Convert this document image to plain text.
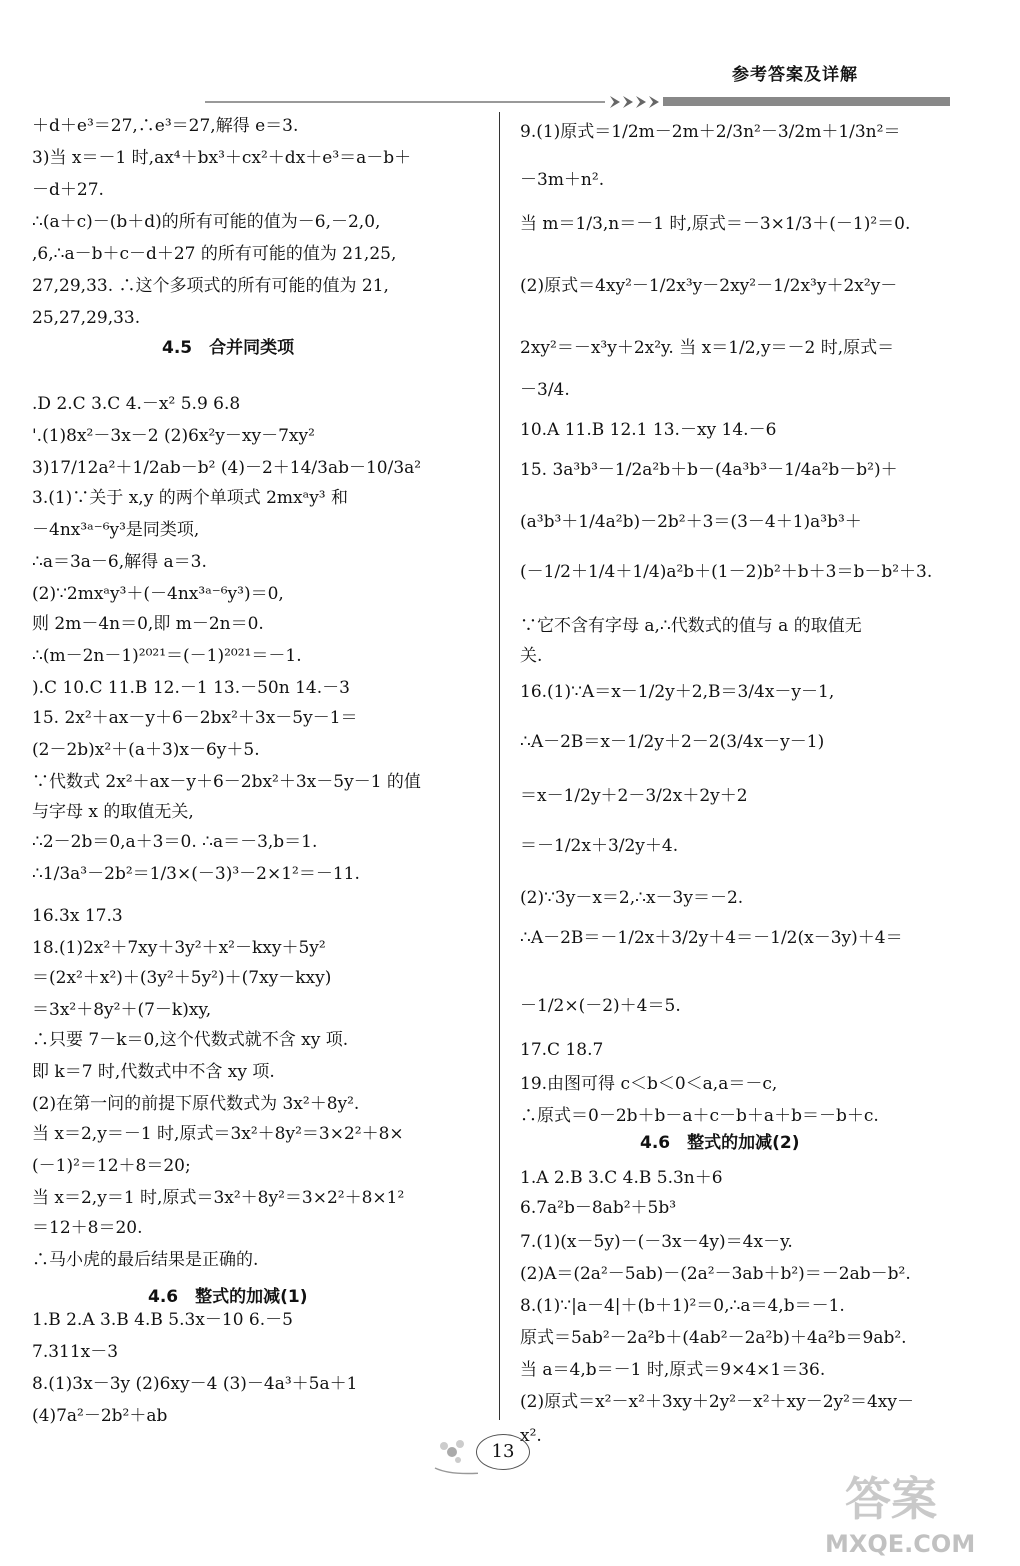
参考答案及详解
＋d＋e³＝27,∴e³＝27,解得 e＝3.
3)当 x＝－1 时,ax⁴＋bx³＋cx²＋dx＋e³＝a－b＋
－d＋27.
∴(a＋c)－(b＋d)的所有可能的值为－6,－2,0,
,6,∴a－b＋c－d＋27 的所有可能的值为 21,25,
27,29,33. ∴这个多项式的所有可能的值为 21,
25,27,29,33.
.D 2.C 3.C 4.－x² 5.9 6.8
'.(1)8x²－3x－2 (2)6x²y－xy－7xy²
3)17/12a²＋1/2ab－b² (4)－2＋14/3ab－10/3a²
3.(1)∵关于 x,y 的两个单项式 2mxᵃy³ 和
－4nx³ᵃ⁻⁶y³是同类项,
∴a＝3a－6,解得 a＝3.
(2)∵2mxᵃy³＋(－4nx³ᵃ⁻⁶y³)＝0,
则 2m－4n＝0,即 m－2n＝0.
∴(m－2n－1)²⁰²¹＝(－1)²⁰²¹＝－1.
).C 10.C 11.B 12.－1 13.－50n 14.－3
15. 2x²＋ax－y＋6－2bx²＋3x－5y－1＝
(2－2b)x²＋(a＋3)x－6y＋5.
∵代数式 2x²＋ax－y＋6－2bx²＋3x－5y－1 的值
与字母 x 的取值无关,
∴2－2b＝0,a＋3＝0. ∴a＝－3,b＝1.
∴1/3a³－2b²＝1/3×(－3)³－2×1²＝－11.
16.3x 17.3
18.(1)2x²＋7xy＋3y²＋x²－kxy＋5y²
＝(2x²＋x²)＋(3y²＋5y²)＋(7xy－kxy)
＝3x²＋8y²＋(7－k)xy,
∴只要 7－k＝0,这个代数式就不含 xy 项.
即 k＝7 时,代数式中不含 xy 项.
(2)在第一问的前提下原代数式为 3x²＋8y².
当 x＝2,y＝－1 时,原式＝3x²＋8y²＝3×2²＋8×
(－1)²＝12＋8＝20;
当 x＝2,y＝1 时,原式＝3x²＋8y²＝3×2²＋8×1²
＝12＋8＝20.
∴马小虎的最后结果是正确的.
1.B 2.A 3.B 4.B 5.3x－10 6.－5
7.311x－3
8.(1)3x－3y (2)6xy－4 (3)－4a³＋5a＋1
(4)7a²－2b²＋ab
9.(1)原式＝1/2m－2m＋2/3n²－3/2m＋1/3n²＝
－3m＋n².
当 m＝1/3,n＝－1 时,原式＝－3×1/3＋(－1)²＝0.
(2)原式＝4xy²－1/2x³y－2xy²－1/2x³y＋2x²y－
2xy²＝－x³y＋2x²y. 当 x＝1/2,y＝－2 时,原式＝
－3/4.
10.A 11.B 12.1 13.－xy 14.－6
15. 3a³b³－1/2a²b＋b－(4a³b³－1/4a²b－b²)＋
(a³b³＋1/4a²b)－2b²＋3＝(3－4＋1)a³b³＋
(－1/2＋1/4＋1/4)a²b＋(1－2)b²＋b＋3＝b－b²＋3.
∵它不含有字母 a,∴代数式的值与 a 的取值无
关.
16.(1)∵A＝x－1/2y＋2,B＝3/4x－y－1,
∴A－2B＝x－1/2y＋2－2(3/4x－y－1)
＝x－1/2y＋2－3/2x＋2y＋2
＝－1/2x＋3/2y＋4.
(2)∵3y－x＝2,∴x－3y＝－2.
∴A－2B＝－1/2x＋3/2y＋4＝－1/2(x－3y)＋4＝
－1/2×(－2)＋4＝5.
17.C 18.7
19.由图可得 c＜b＜0＜a,a＝－c,
∴原式＝0－2b＋b－a＋c－b＋a＋b＝－b＋c.
1.A 2.B 3.C 4.B 5.3n＋6
6.7a²b－8ab²＋5b³
7.(1)(x－5y)－(－3x－4y)＝4x－y.
(2)A＝(2a²－5ab)－(2a²－3ab＋b²)＝－2ab－b².
8.(1)∵|a－4|＋(b＋1)²＝0,∴a＝4,b＝－1.
原式＝5ab²－2a²b＋(4ab²－2a²b)＋4a²b＝9ab².
当 a＝4,b＝－1 时,原式＝9×4×1＝36.
(2)原式＝x²－x²＋3xy＋2y²－x²＋xy－2y²＝4xy－
x².
4.5　合并同类项
4.6　整式的加减(1)
4.6　整式的加减(2)
13
答案
MXQE.COM
